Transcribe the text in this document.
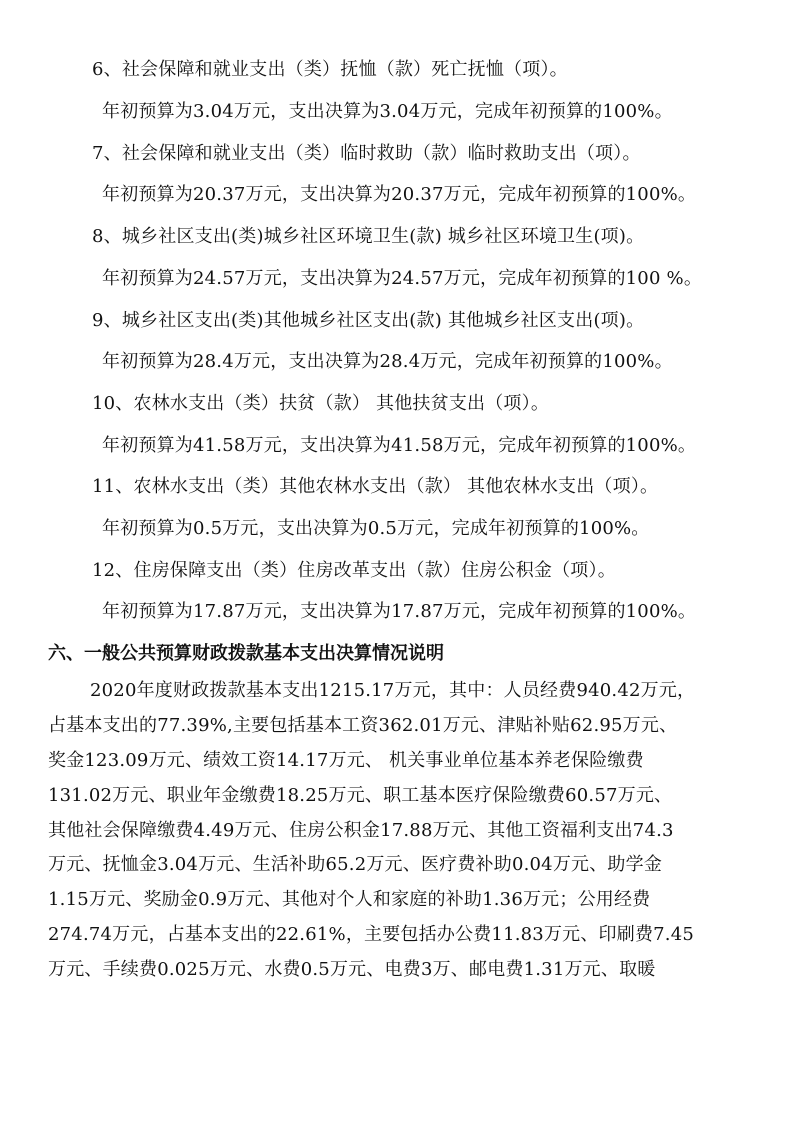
6、社会保障和就业支出（类）抚恤（款）死亡抚恤（项）。
年初预算为3.04万元，支出决算为3.04万元，完成年初预算的100%。
7、社会保障和就业支出（类）临时救助（款）临时救助支出（项）。
年初预算为20.37万元，支出决算为20.37万元，完成年初预算的100%。
8、城乡社区支出(类)城乡社区环境卫生(款) 城乡社区环境卫生(项)。
年初预算为24.57万元，支出决算为24.57万元，完成年初预算的100 %。
9、城乡社区支出(类)其他城乡社区支出(款) 其他城乡社区支出(项)。
年初预算为28.4万元，支出决算为28.4万元，完成年初预算的100%。
10、农林水支出（类）扶贫（款） 其他扶贫支出（项）。
年初预算为41.58万元，支出决算为41.58万元，完成年初预算的100%。
11、农林水支出（类）其他农林水支出（款） 其他农林水支出（项）。
年初预算为0.5万元，支出决算为0.5万元，完成年初预算的100%。
12、住房保障支出（类）住房改革支出（款）住房公积金（项）。
年初预算为17.87万元，支出决算为17.87万元，完成年初预算的100%。
六、一般公共预算财政拨款基本支出决算情况说明
2020年度财政拨款基本支出1215.17万元，其中：人员经费940.42万元，
占基本支出的77.39%,主要包括基本工资362.01万元、津贴补贴62.95万元、
奖金123.09万元、绩效工资14.17万元、 机关事业单位基本养老保险缴费
131.02万元、职业年金缴费18.25万元、职工基本医疗保险缴费60.57万元、
其他社会保障缴费4.49万元、住房公积金17.88万元、其他工资福利支出74.3
万元、抚恤金3.04万元、生活补助65.2万元、医疗费补助0.04万元、助学金
1.15万元、奖励金0.9万元、其他对个人和家庭的补助1.36万元；公用经费
274.74万元，占基本支出的22.61%，主要包括办公费11.83万元、印刷费7.45
万元、手续费0.025万元、水费0.5万元、电费3万、邮电费1.31万元、取暖
